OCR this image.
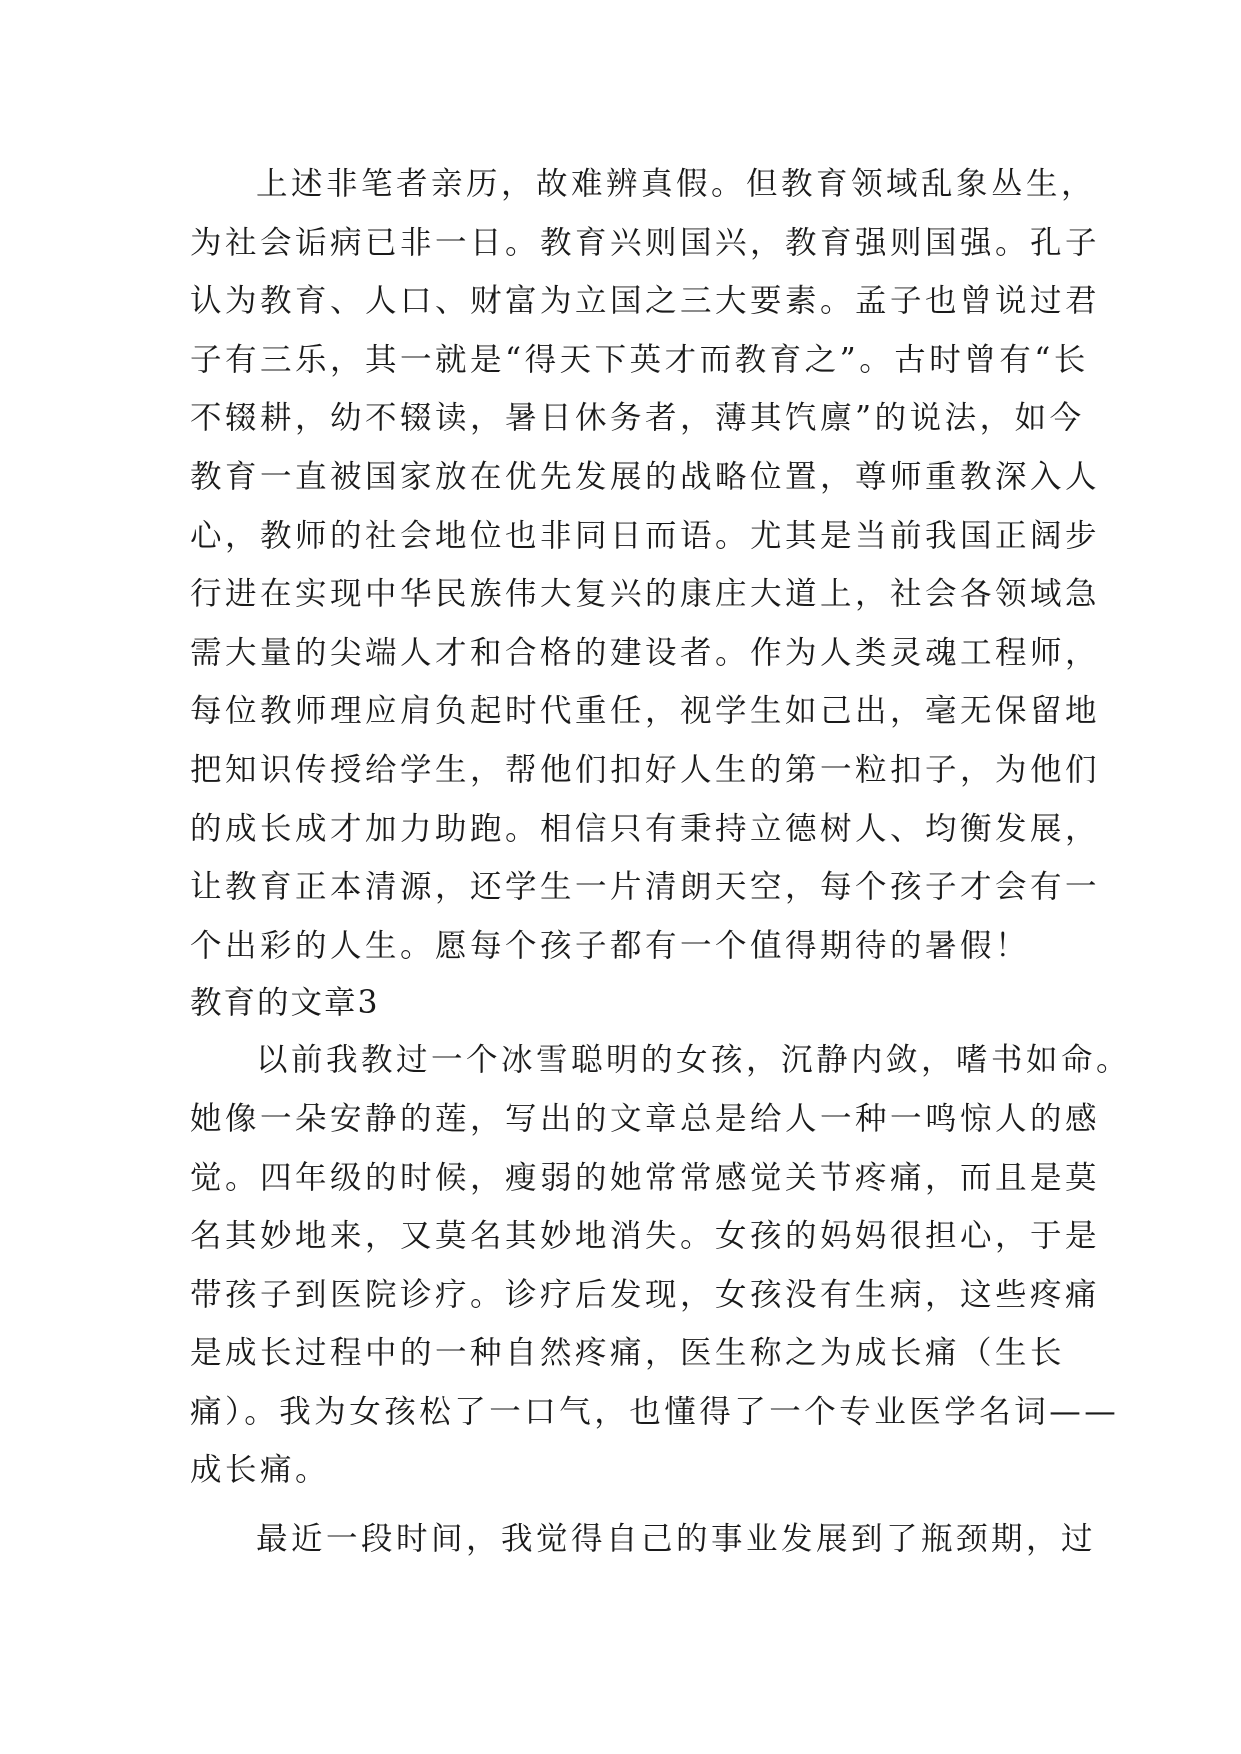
上述非笔者亲历，故难辨真假。但教育领域乱象丛生，
为社会诟病已非一日。教育兴则国兴，教育强则国强。孔子
认为教育、人口、财富为立国之三大要素。孟子也曾说过君
子有三乐，其一就是“得天下英才而教育之”。古时曾有“长
不辍耕，幼不辍读，暑日休务者，薄其饩廪”的说法，如今
教育一直被国家放在优先发展的战略位置，尊师重教深入人
心，教师的社会地位也非同日而语。尤其是当前我国正阔步
行进在实现中华民族伟大复兴的康庄大道上，社会各领域急
需大量的尖端人才和合格的建设者。作为人类灵魂工程师，
每位教师理应肩负起时代重任，视学生如己出，毫无保留地
把知识传授给学生，帮他们扣好人生的第一粒扣子，为他们
的成长成才加力助跑。相信只有秉持立德树人、均衡发展，
让教育正本清源，还学生一片清朗天空，每个孩子才会有一
个出彩的人生。愿每个孩子都有一个值得期待的暑假！
教育的文章3
以前我教过一个冰雪聪明的女孩，沉静内敛，嗜书如命。
她像一朵安静的莲，写出的文章总是给人一种一鸣惊人的感
觉。四年级的时候，瘦弱的她常常感觉关节疼痛，而且是莫
名其妙地来，又莫名其妙地消失。女孩的妈妈很担心，于是
带孩子到医院诊疗。诊疗后发现，女孩没有生病，这些疼痛
是成长过程中的一种自然疼痛，医生称之为成长痛（生长
痛）。我为女孩松了一口气，也懂得了一个专业医学名词——
成长痛。
最近一段时间，我觉得自己的事业发展到了瓶颈期，过
